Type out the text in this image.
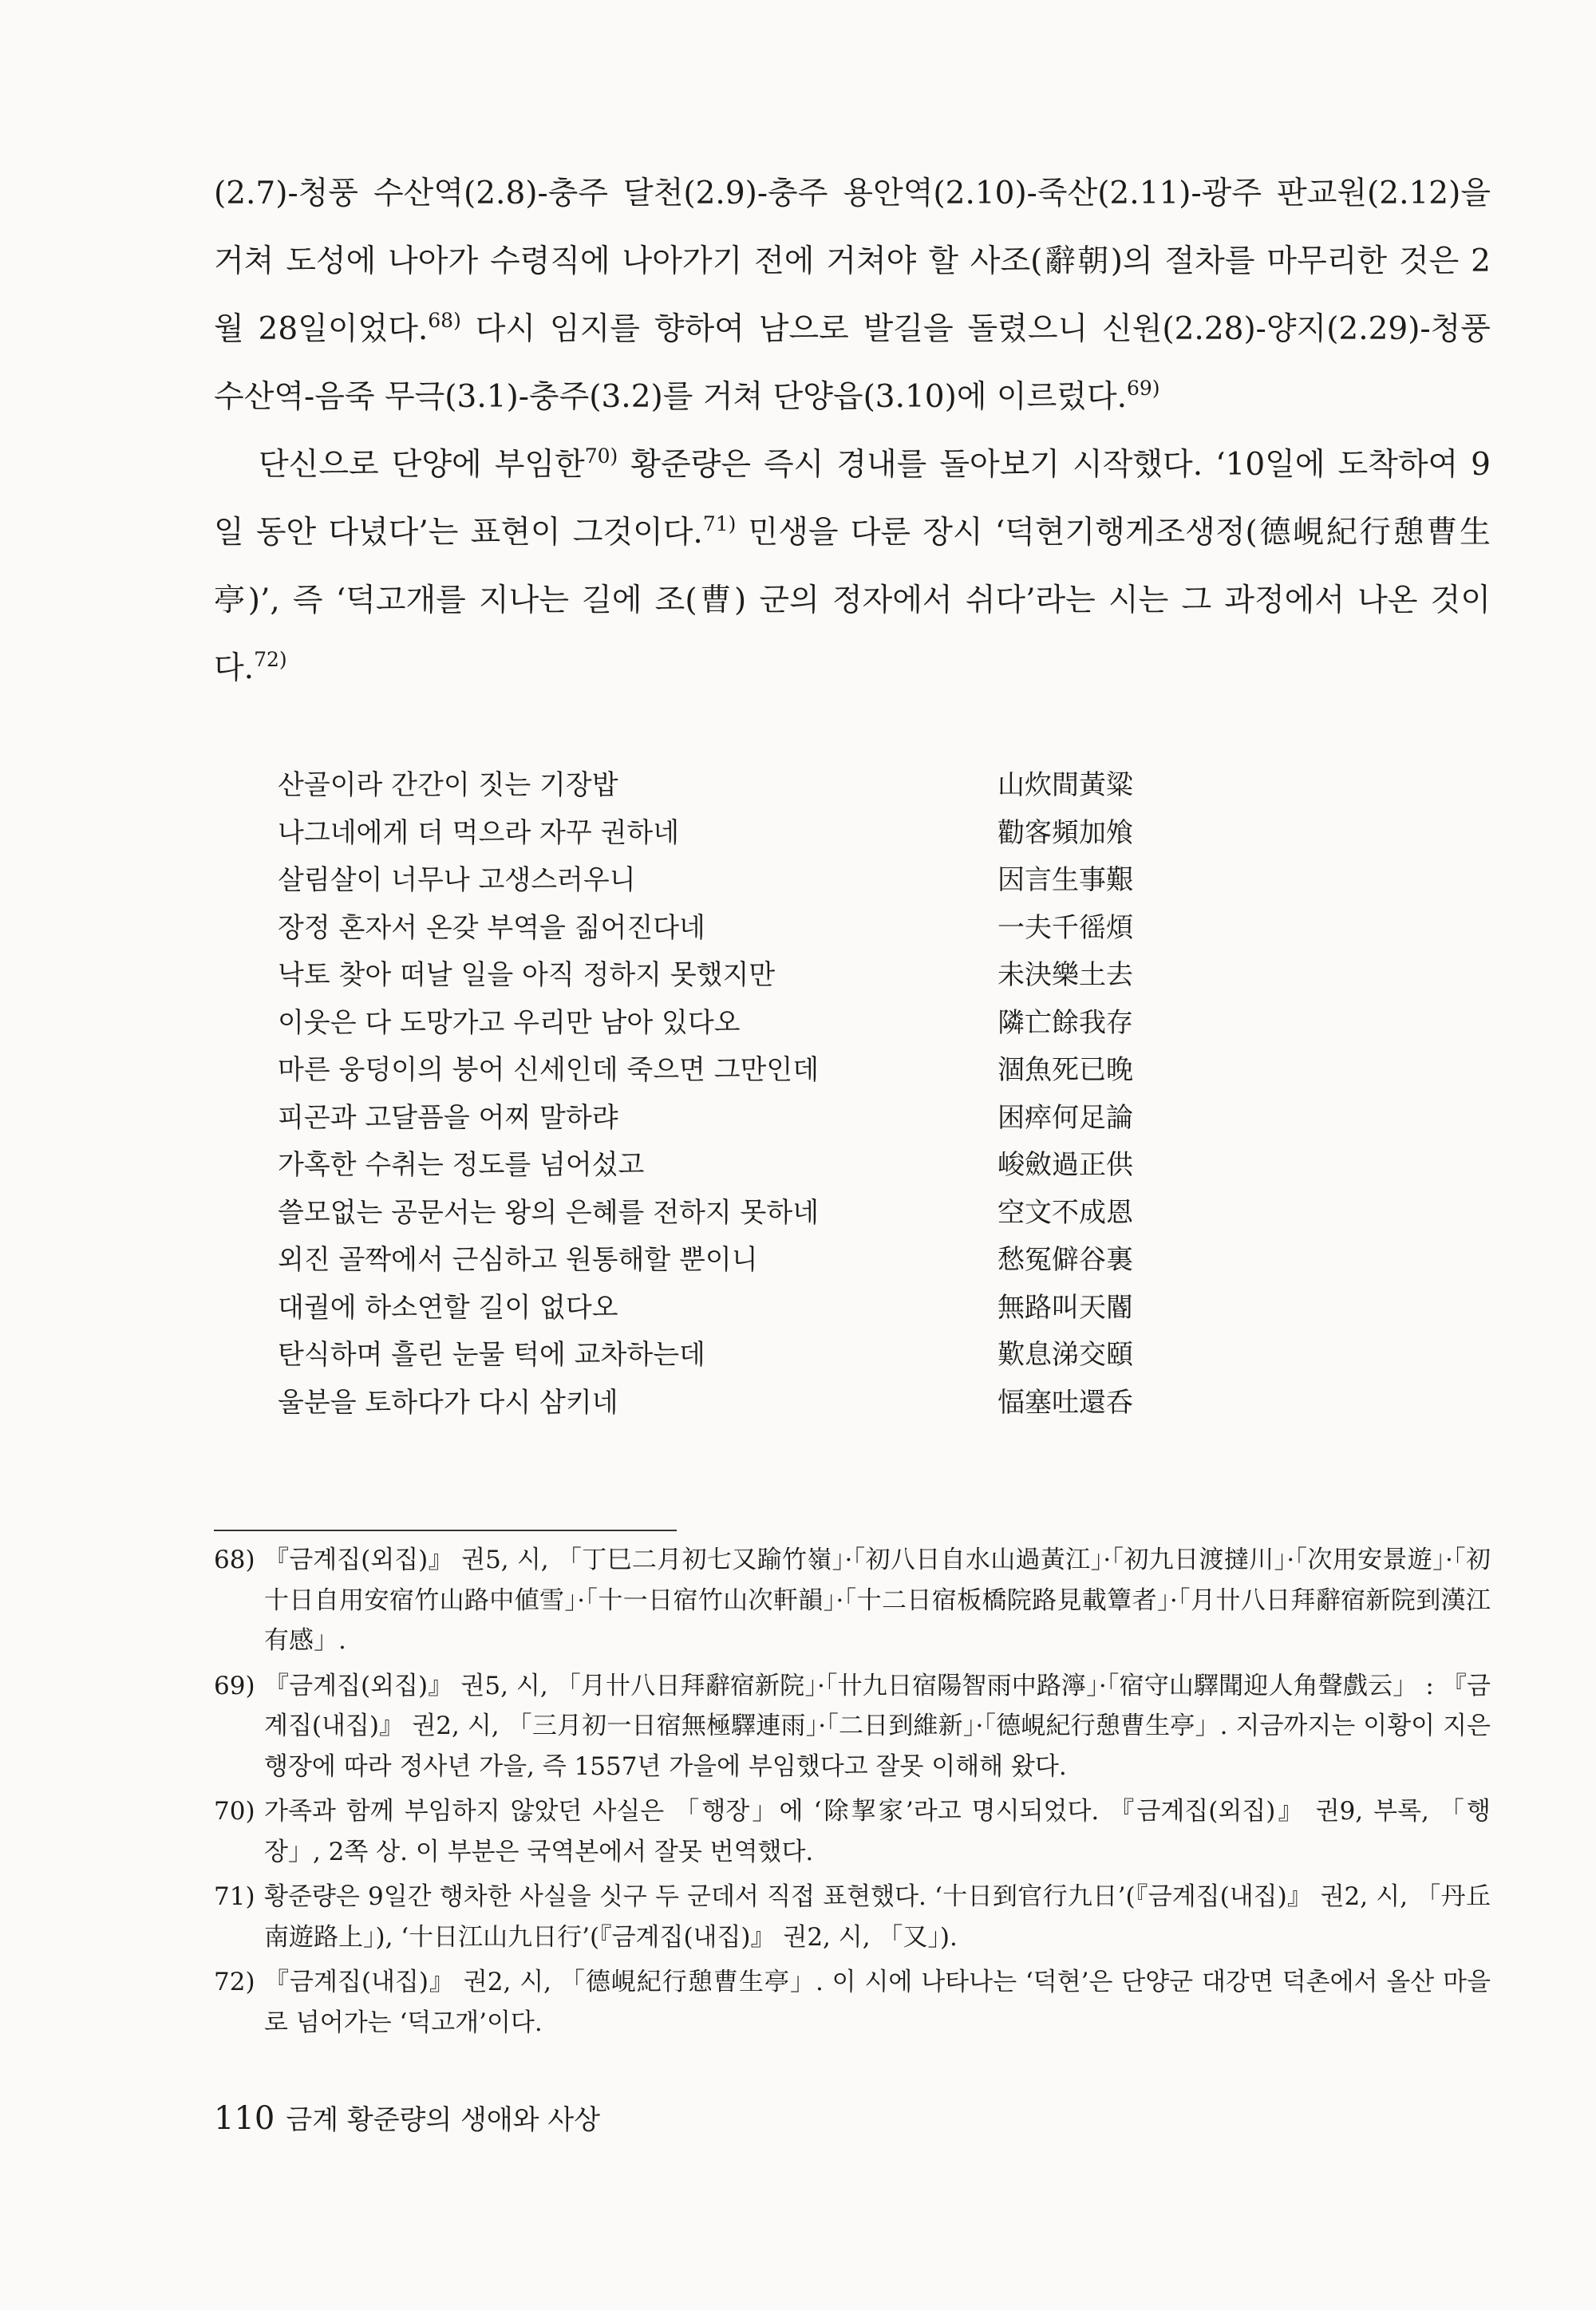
(2.7)-청풍 수산역(2.8)-충주 달천(2.9)-충주 용안역(2.10)-죽산(2.11)-광주 판교원(2.12)을 거쳐 도성에 나아가 수령직에 나아가기 전에 거쳐야 할 사조(辭朝)의 절차를 마무리한 것은 2월 28일이었다.$^{68)}$ 다시 임지를 향하여 남으로 발길을 돌렸으니 신원(2.28)-양지(2.29)-청풍 수산역-음죽 무극(3.1)-충주(3.2)를 거쳐 단양읍(3.10)에 이르렀다.$^{69)}$

단신으로 단양에 부임한$^{70)}$ 황준량은 즉시 경내를 돌아보기 시작했다. ‘10일에 도착하여 9일 동안 다녔다’는 표현이 그것이다.$^{71)}$ 민생을 다룬 장시 ‘덕현기행게조생정(德峴紀行憩曹生亭)’, 즉 ‘덕고개를 지나는 길에 조(曹) 군의 정자에서 쉬다’라는 시는 그 과정에서 나온 것이다.$^{72)}$

산골이라 간간이 짓는 기장밥	山炊間黃粱
나그네에게 더 먹으라 자꾸 권하네	勸客頻加飧
살림살이 너무나 고생스러우니	因言生事艱
장정 혼자서 온갖 부역을 짊어진다네	一夫千徭煩
낙토 찾아 떠날 일을 아직 정하지 못했지만	未決樂土去
이웃은 다 도망가고 우리만 남아 있다오	隣亡餘我存
마른 웅덩이의 붕어 신세인데 죽으면 그만인데	涸魚死已晚
피곤과 고달픔을 어찌 말하랴	困瘁何足論
가혹한 수취는 정도를 넘어섰고	峻斂過正供
쓸모없는 공문서는 왕의 은혜를 전하지 못하네	空文不成恩
외진 골짝에서 근심하고 원통해할 뿐이니	愁冤僻谷裏
대궐에 하소연할 길이 없다오	無路叫天閽
탄식하며 흘린 눈물 턱에 교차하는데	歎息涕交頤
울분을 토하다가 다시 삼키네	愊塞吐還呑
68) 『금계집(외집)』 권5, 시, 「丁巳二月初七又踰竹嶺」·「初八日自水山過黃江」·「初九日渡撻川」·「次用安景遊」·「初十日自用安宿竹山路中値雪」·「十一日宿竹山次軒韻」·「十二日宿板橋院路見載簟者」·「月卄八日拜辭宿新院到漢江有感」.
69) 『금계집(외집)』 권5, 시, 「月卄八日拜辭宿新院」·「卄九日宿陽智雨中路濘」·「宿守山驛聞迎人角聲戲云」 : 『금계집(내집)』 권2, 시, 「三月初一日宿無極驛連雨」·「二日到維新」·「德峴紀行憩曹生亭」. 지금까지는 이황이 지은 행장에 따라 정사년 가을, 즉 1557년 가을에 부임했다고 잘못 이해해 왔다.
70) 가족과 함께 부임하지 않았던 사실은 「행장」에 ‘除挈家’라고 명시되었다. 『금계집(외집)』 권9, 부록, 「행장」, 2쪽 상. 이 부분은 국역본에서 잘못 번역했다.
71) 황준량은 9일간 행차한 사실을 싯구 두 군데서 직접 표현했다. ‘十日到官行九日’(『금계집(내집)』 권2, 시, 「丹丘南遊路上」), ‘十日江山九日行’(『금계집(내집)』 권2, 시, 「又」).
72) 『금계집(내집)』 권2, 시, 「德峴紀行憩曹生亭」. 이 시에 나타나는 ‘덕현’은 단양군 대강면 덕촌에서 올산 마을로 넘어가는 ‘덕고개’이다.
110 금계 황준량의 생애와 사상
